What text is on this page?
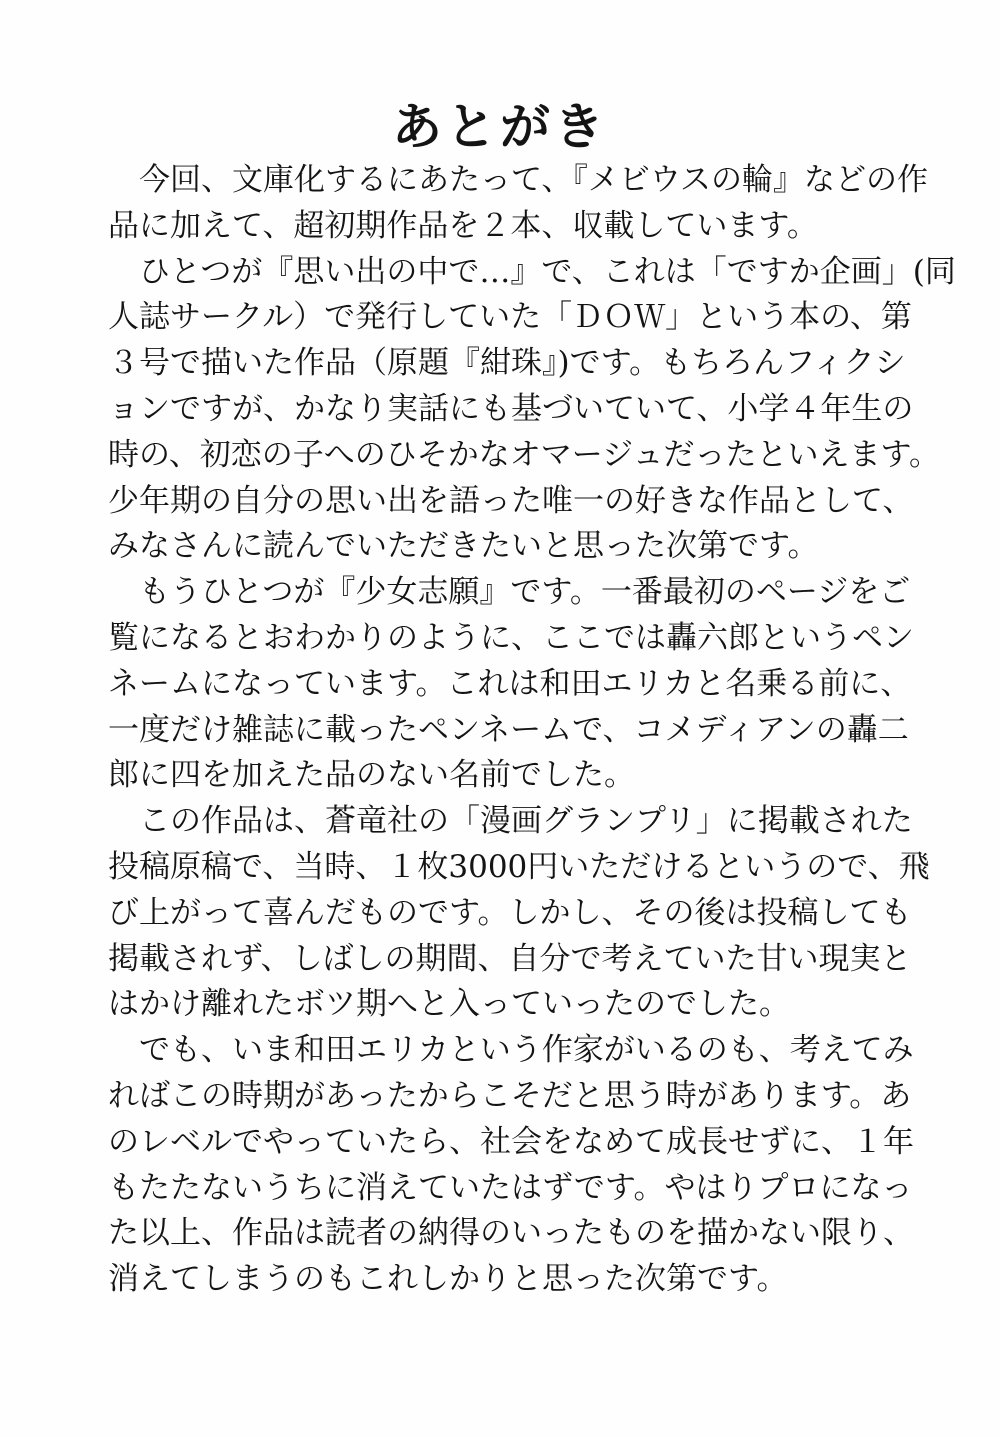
あとがき
　今回、文庫化するにあたって、『メビウスの輪』などの作
品に加えて、超初期作品を２本、収載しています。
　ひとつが『思い出の中で…』で、これは「ですか企画」(同
人誌サークル）で発行していた「ＤＯＷ」という本の、第
３号で描いた作品（原題『紺珠』)です。もちろんフィクシ
ョンですが、かなり実話にも基づいていて、小学４年生の
時の、初恋の子へのひそかなオマージュだったといえます。
少年期の自分の思い出を語った唯一の好きな作品として、
みなさんに読んでいただきたいと思った次第です。
　もうひとつが『少女志願』です。一番最初のページをご
覧になるとおわかりのように、ここでは轟六郎というペン
ネームになっています。これは和田エリカと名乗る前に、
一度だけ雑誌に載ったペンネームで、コメディアンの轟二
郎に四を加えた品のない名前でした。
　この作品は、蒼竜社の「漫画グランプリ」に掲載された
投稿原稿で、当時、１枚3000円いただけるというので、飛
び上がって喜んだものです。しかし、その後は投稿しても
掲載されず、しばしの期間、自分で考えていた甘い現実と
はかけ離れたボツ期へと入っていったのでした。
　でも、いま和田エリカという作家がいるのも、考えてみ
ればこの時期があったからこそだと思う時があります。あ
のレベルでやっていたら、社会をなめて成長せずに、１年
もたたないうちに消えていたはずです。やはりプロになっ
た以上、作品は読者の納得のいったものを描かない限り、
消えてしまうのもこれしかりと思った次第です。
